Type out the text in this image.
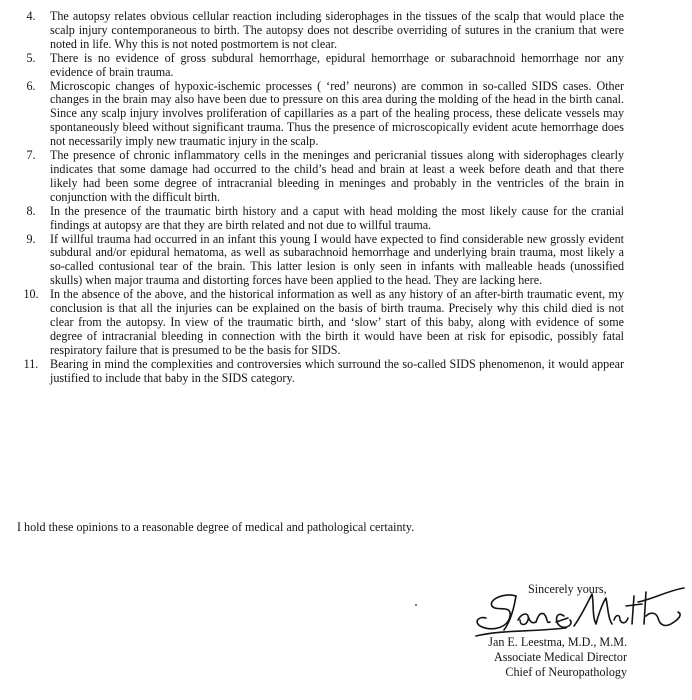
4.	The autopsy relates obvious cellular reaction including siderophages in the tissues of the scalp that would place the scalp injury contemporaneous to birth. The autopsy does not describe overriding of sutures in the cranium that were noted in life. Why this is not noted postmortem is not clear.
5.	There is no evidence of gross subdural hemorrhage, epidural hemorrhage or subarachnoid hemorrhage nor any evidence of brain trauma.
6.	Microscopic changes of hypoxic-ischemic processes ( ‘red’ neurons) are common in so-called SIDS cases. Other changes in the brain may also have been due to pressure on this area during the molding of the head in the birth canal. Since any scalp injury involves proliferation of capillaries as a part of the healing process, these delicate vessels may spontaneously bleed without significant trauma. Thus the presence of microscopically evident acute hemorrhage does not necessarily imply new traumatic injury in the scalp.
7.	The presence of chronic inflammatory cells in the meninges and pericranial tissues along with siderophages clearly indicates that some damage had occurred to the child’s head and brain at least a week before death and that there likely had been some degree of intracranial bleeding in meninges and probably in the ventricles of the brain in conjunction with the difficult birth.
8.	In the presence of the traumatic birth history and a caput with head molding the most likely cause for the cranial findings at autopsy are that they are birth related and not due to willful trauma.
9.	If willful trauma had occurred in an infant this young I would have expected to find considerable new grossly evident subdural and/or epidural hematoma, as well as subarachnoid hemorrhage and underlying brain trauma, most likely a so-called contusional tear of the brain. This latter lesion is only seen in infants with malleable heads (unossified skulls) when major trauma and distorting forces have been applied to the head. They are lacking here.
10. In the absence of the above, and the historical information as well as any history of an after-birth traumatic event, my conclusion is that all the injuries can be explained on the basis of birth trauma. Precisely why this child died is not clear from the autopsy. In view of the traumatic birth, and ‘slow’ start of this baby, along with evidence of some degree of intracranial bleeding in connection with the birth it would have been at risk for episodic, possibly fatal respiratory failure that is presumed to be the basis for SIDS.
11. Bearing in mind the complexities and controversies which surround the so-called SIDS phenomenon, it would appear justified to include that baby in the SIDS category.

I hold these opinions to a reasonable degree of medical and pathological certainty.

Sincerely yours,
Jan E. Leestma, M.D., M.M.
Associate Medical Director
Chief of Neuropathology
